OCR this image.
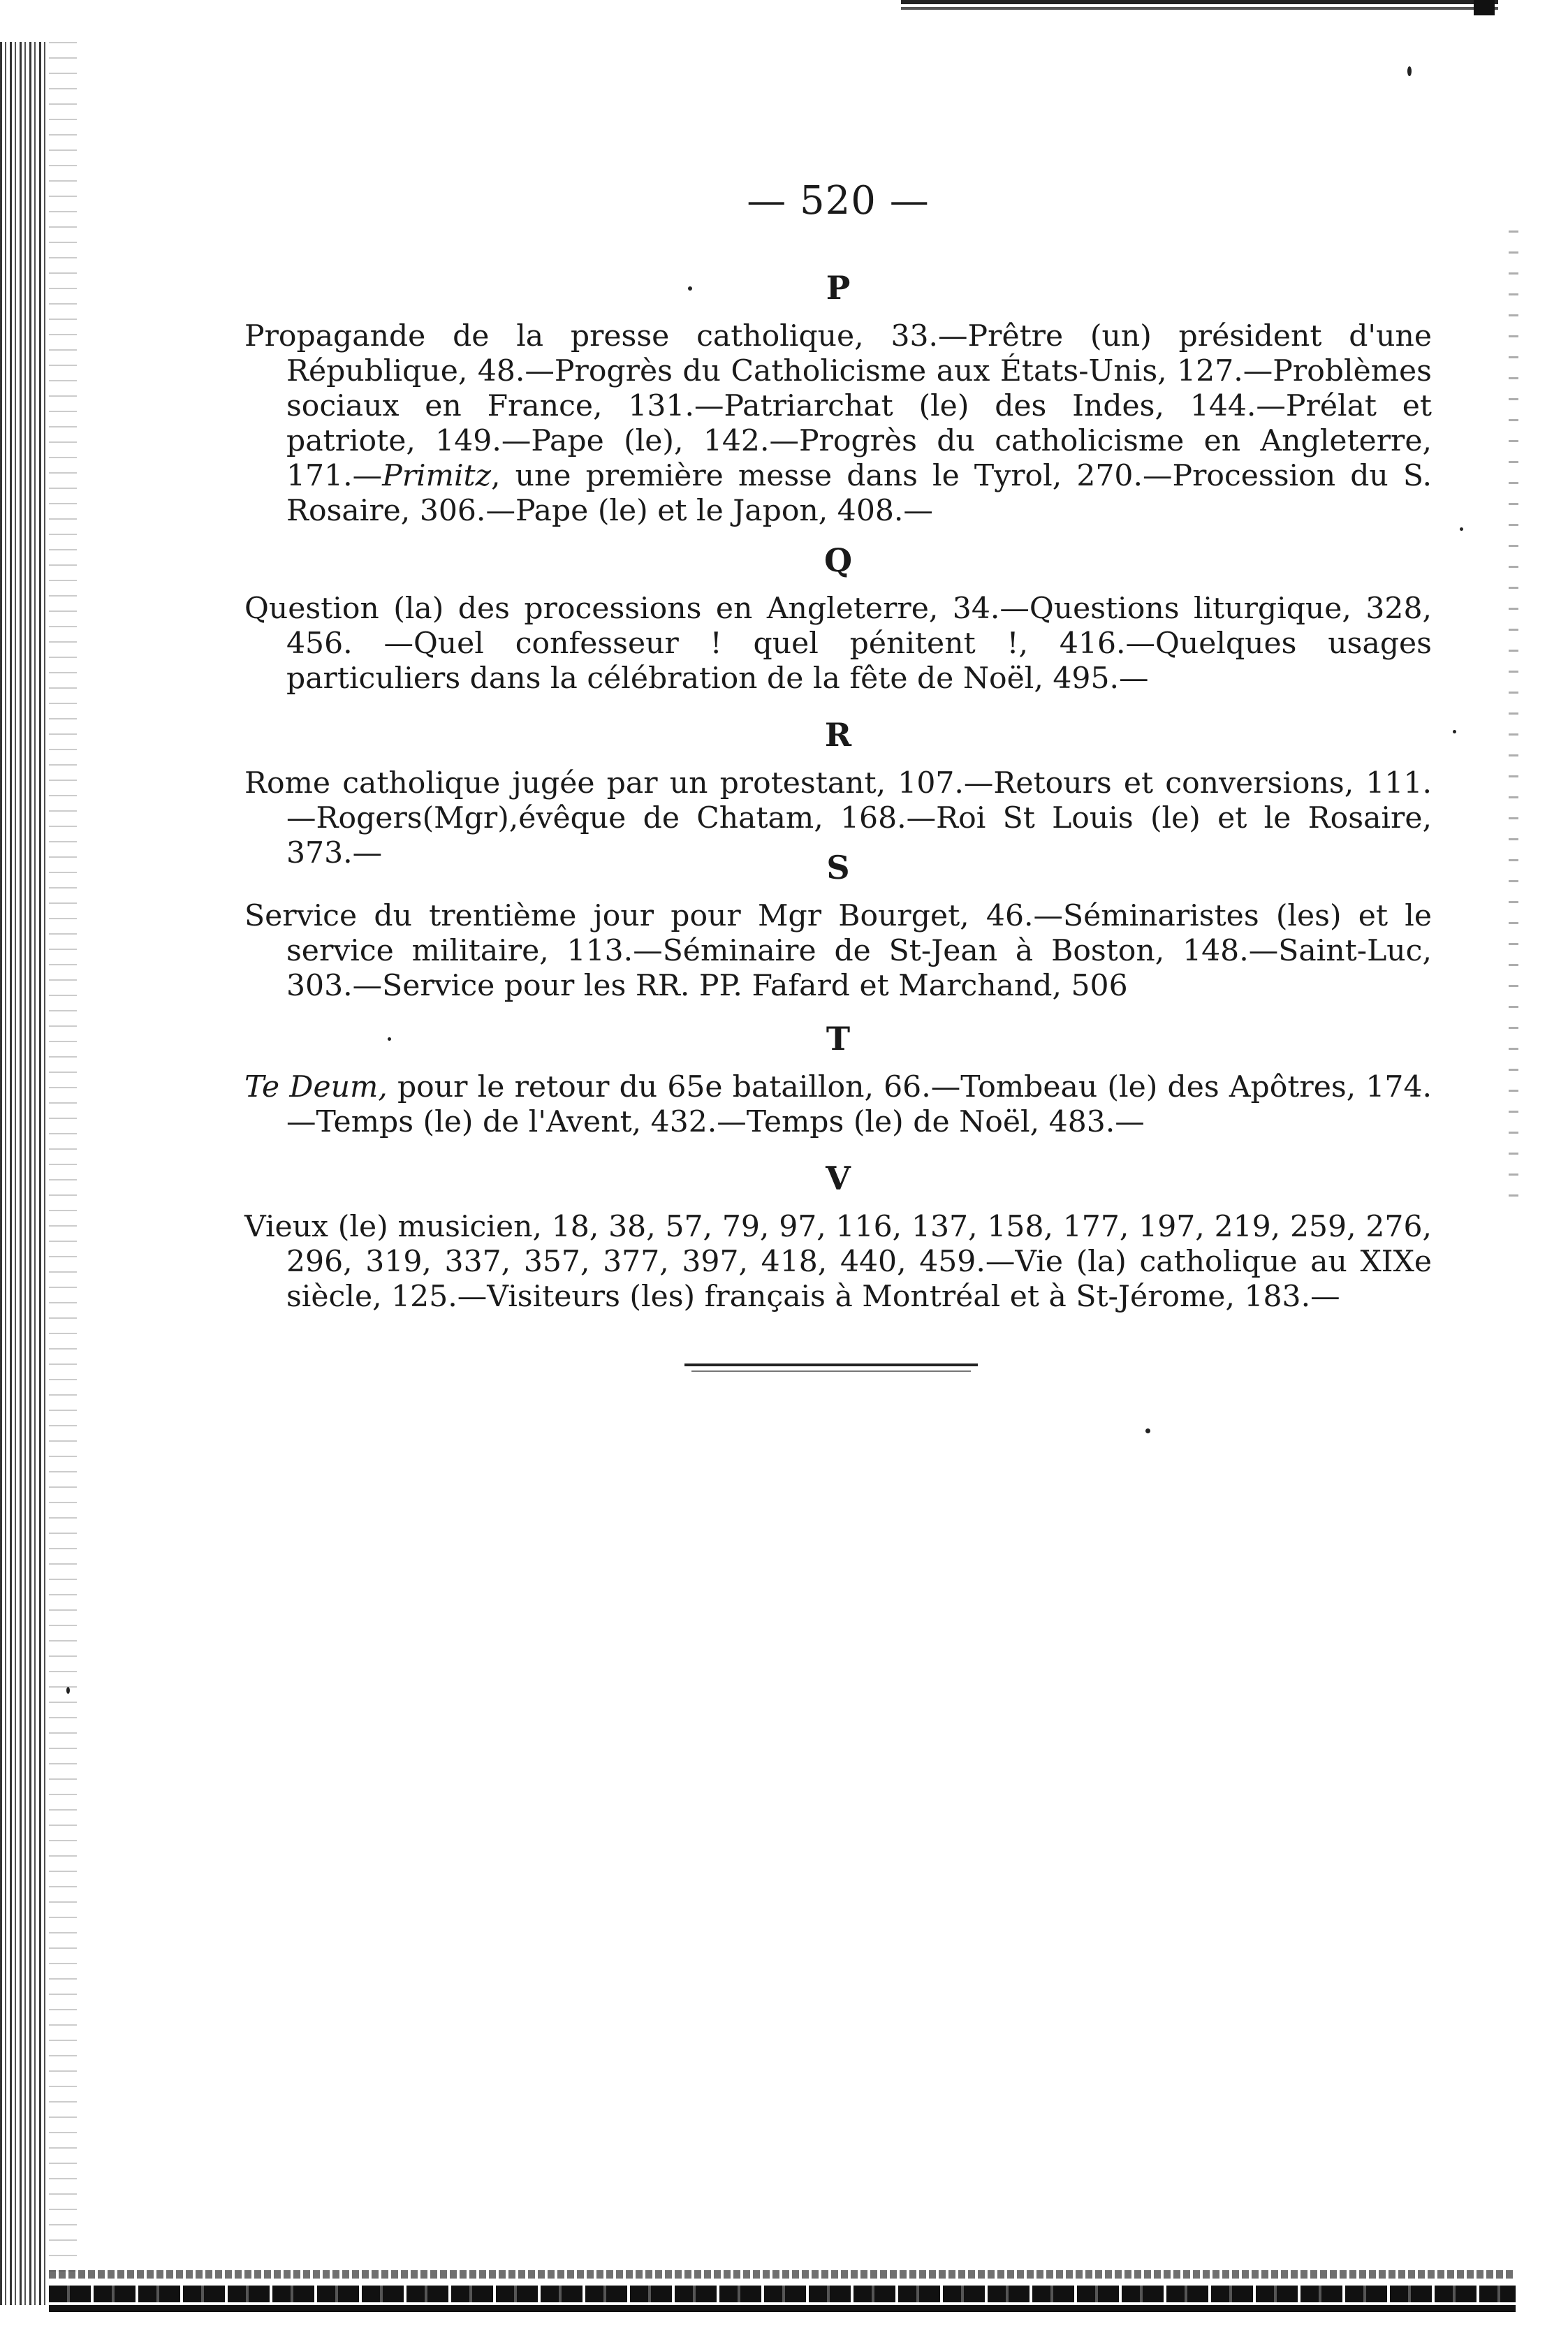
— 520 —
P
Propagande de la presse catholique, 33.—Prêtre (un) président d'une République, 48.—Progrès du Catholicisme aux États-Unis, 127.—Problèmes sociaux en France, 131.—Patriarchat (le) des Indes, 144.—Prélat et patriote, 149.—Pape (le), 142.—Progrès du catholicisme en Angleterre, 171.—Primitz, une première messe dans le Tyrol, 270.—Procession du S. Rosaire, 306.—Pape (le) et le Japon, 408.—
Q
Question (la) des processions en Angleterre, 34.—Questions liturgique, 328, 456. —Quel confesseur ! quel pénitent !, 416.—Quelques usages particuliers dans la célébration de la fête de Noël, 495.—
R
Rome catholique jugée par un protestant, 107.—Retours et conversions, 111.—Rogers(Mgr),évêque de Chatam, 168.—Roi St Louis (le) et le Rosaire, 373.—	S
Service du trentième jour pour Mgr Bourget, 46.—Séminaristes (les) et le service militaire, 113.—Séminaire de St-Jean à Boston, 148.—Saint-Luc, 303.—Service pour les RR. PP. Fafard et Marchand, 506
T
Te Deum, pour le retour du 65e bataillon, 66.—Tombeau (le) des Apôtres, 174.—Temps (le) de l'Avent, 432.—Temps (le) de Noël, 483.—
V
Vieux (le) musicien, 18, 38, 57, 79, 97, 116, 137, 158, 177, 197, 219, 259, 276, 296, 319, 337, 357, 377, 397, 418, 440, 459.—Vie (la) catholique au XIXe siècle, 125.—Visiteurs (les) français à Montréal et à St-Jérome, 183.—
